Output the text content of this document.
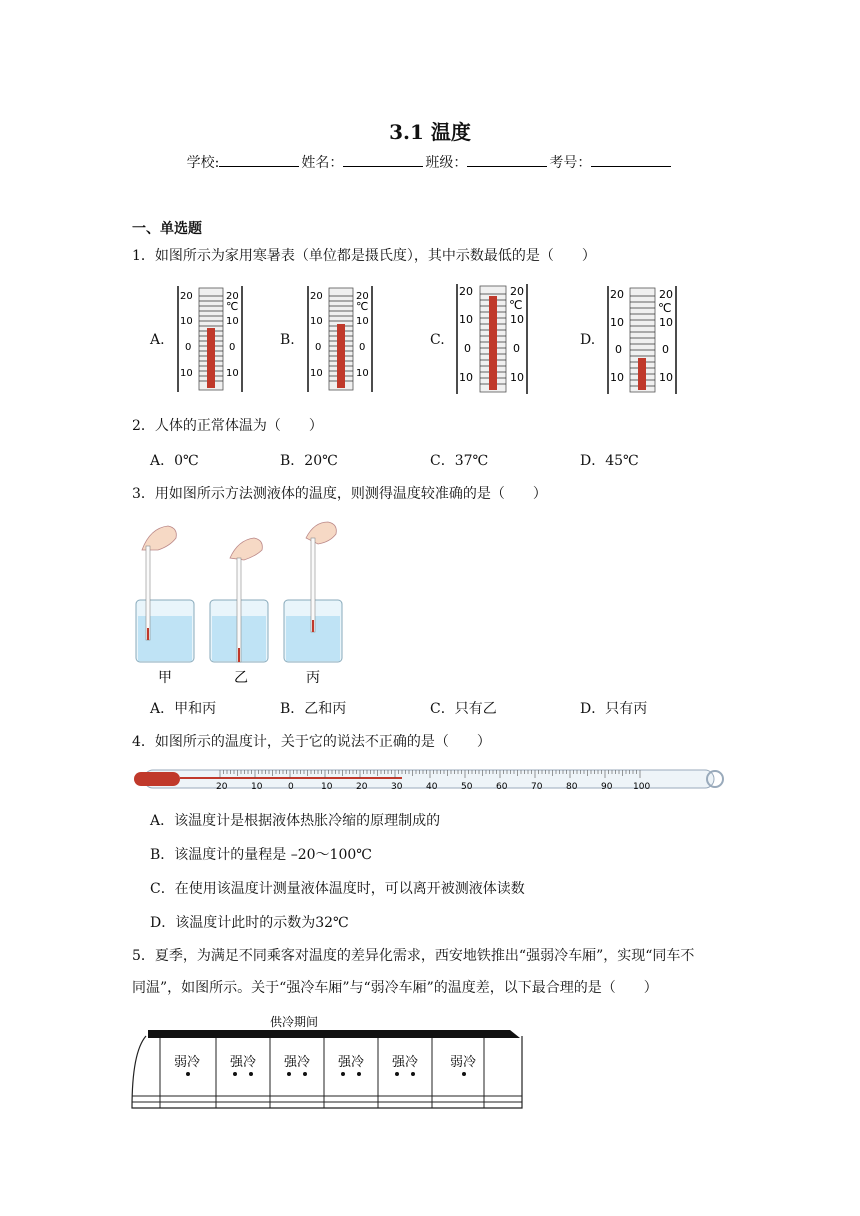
3.1 温度
学校:	姓名：	班级：	考号：
一、单选题
1．如图所示为家用寒暑表（单位都是摄氏度），其中示数最低的是（　　）
A.	B.	C.	D.
20
10
0
10
20
℃
10
0
10
20
10
0
10
20
℃
10
0
10
20
10
0
10
20
℃
10
0
10
20
10
0
10
20
℃
10
0
10
2．人体的正常体温为（　　）
A．0℃	B．20℃	C．37℃	D．45℃
3．用如图所示方法测液体的温度，则测得温度较准确的是（　　）
甲	乙	丙
A．甲和丙	B．乙和丙	C．只有乙	D．只有丙
4．如图所示的温度计，关于它的说法不正确的是（　　）
20	10	0	10	20	30	40	50	60	70	80	90 100
A．该温度计是根据液体热胀冷缩的原理制成的
B．该温度计的量程是 –20～100℃
C．在使用该温度计测量液体温度时，可以离开被测液体读数
D．该温度计此时的示数为32℃
5．夏季，为满足不同乘客对温度的差异化需求，西安地铁推出“强弱冷车厢”，实现“同车不
同温”，如图所示。关于“强冷车厢”与“弱冷车厢”的温度差，以下最合理的是（　　）
供冷期间
弱冷 强冷 强冷 强冷 强冷 弱冷
